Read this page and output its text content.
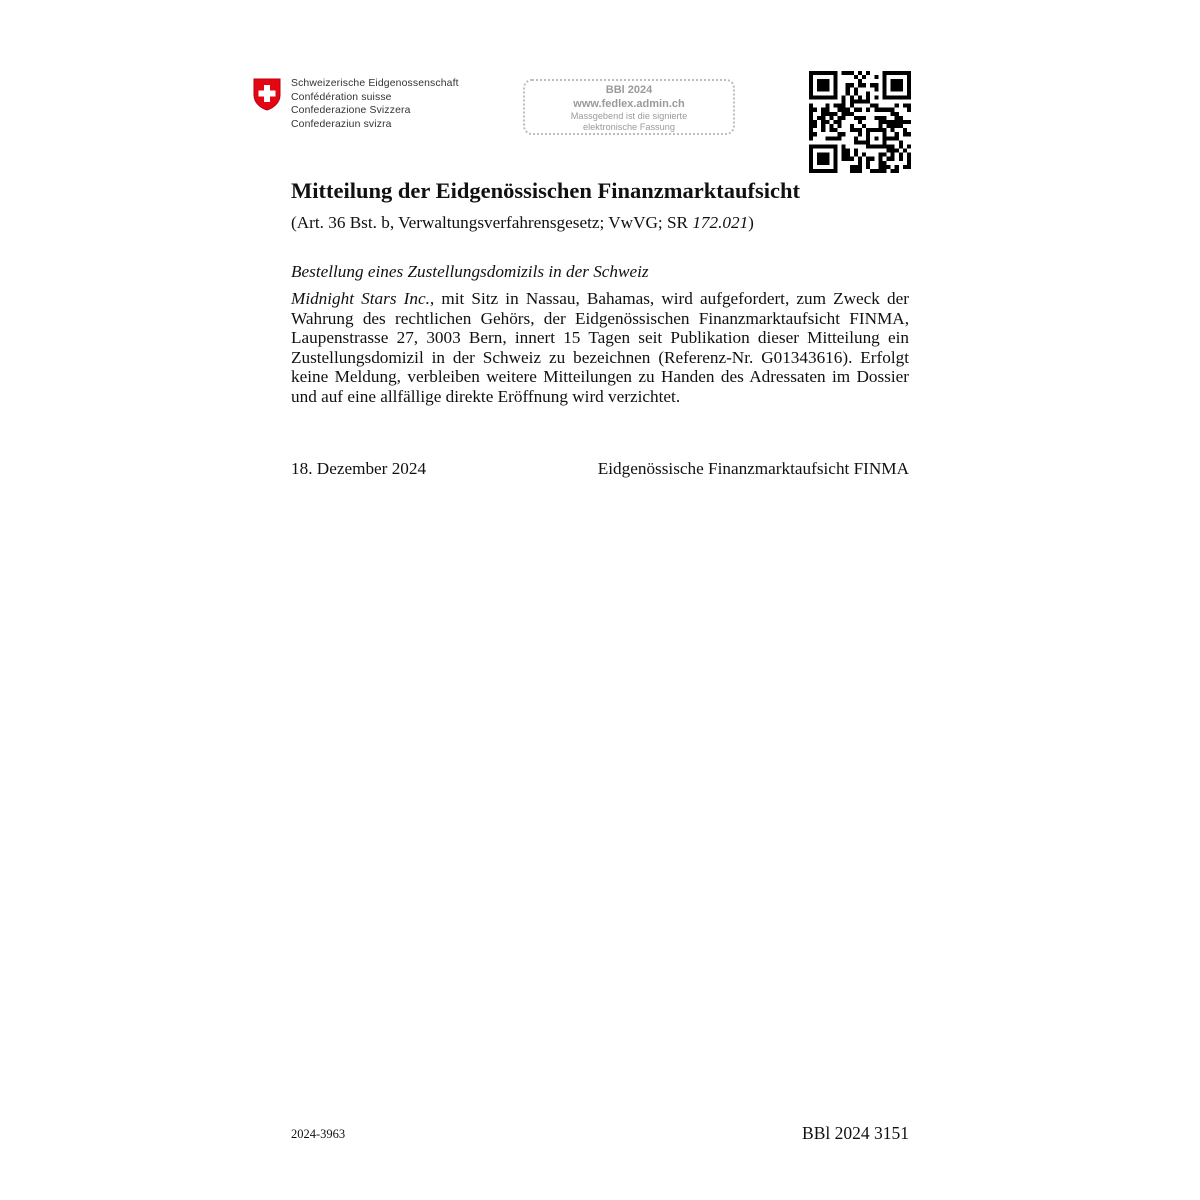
Schweizerische Eidgenossenschaft
Confédération suisse
Confederazione Svizzera
Confederaziun svizra
BBl 2024
www.fedlex.admin.ch
Massgebend ist die signierte
elektronische Fassung
Mitteilung der Eidgenössischen Finanzmarktaufsicht
(Art. 36 Bst. b, Verwaltungsverfahrensgesetz; VwVG; SR 172.021)
Bestellung eines Zustellungsdomizils in der Schweiz

Midnight Stars Inc., mit Sitz in Nassau, Bahamas, wird aufgefordert, zum Zweck der Wahrung des rechtlichen Gehörs, der Eidgenössischen Finanzmarktaufsicht FINMA, Laupenstrasse 27, 3003 Bern, innert 15 Tagen seit Publikation dieser Mitteilung ein Zustellungsdomizil in der Schweiz zu bezeichnen (Referenz-Nr. G01343616). Erfolgt keine Meldung, verbleiben weitere Mitteilungen zu Handen des Adressaten im Dossier und auf eine allfällige direkte Eröffnung wird verzichtet.

18. Dezember 2024	Eidgenössische Finanzmarktaufsicht FINMA
2024-3963	BBl 2024 3151
